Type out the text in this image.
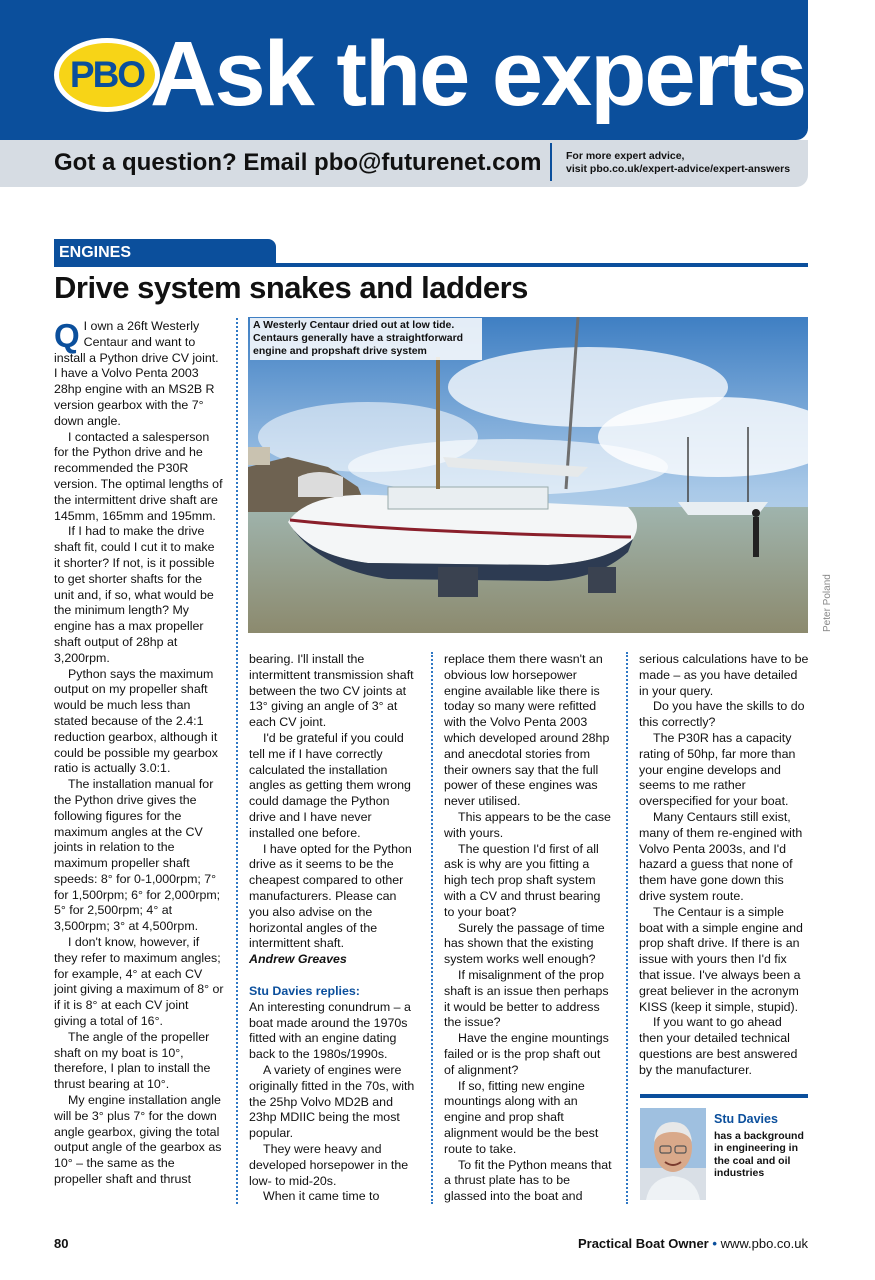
PBO Ask the experts
Got a question? Email pbo@futurenet.com For more expert advice,
visit pbo.co.uk/expert-advice/expert-answers
ENGINES
Drive system snakes and ladders

Q I own a 26ft Westerly Centaur and want to install a Python drive CV joint. I have a Volvo Penta 2003 28hp engine with an MS2B R version gearbox with the 7° down angle.

I contacted a salesperson for the Python drive and he recommended the P30R version. The optimal lengths of the intermittent drive shaft are 145mm, 165mm and 195mm.

If I had to make the drive shaft fit, could I cut it to make it shorter? If not, is it possible to get shorter shafts for the unit and, if so, what would be the minimum length? My engine has a max propeller shaft output of 28hp at 3,200rpm.

Python says the maximum output on my propeller shaft would be much less than stated because of the 2.4:1 reduction gearbox, although it could be possible my gearbox ratio is actually 3.0:1.

The installation manual for the Python drive gives the following figures for the maximum angles at the CV joints in relation to the maximum propeller shaft speeds: 8° for 0-1,000rpm; 7° for 1,500rpm; 6° for 2,000rpm; 5° for 2,500rpm; 4° at 3,500rpm; 3° at 4,500rpm.

I don't know, however, if they refer to maximum angles; for example, 4° at each CV joint giving a maximum of 8° or if it is 8° at each CV joint giving a total of 16°.

The angle of the propeller shaft on my boat is 10°, therefore, I plan to install the thrust bearing at 10°.

My engine installation angle will be 3° plus 7° for the down angle gearbox, giving the total output angle of the gearbox as 10° – the same as the propeller shaft and thrust

A Westerly Centaur dried out at low tide. Centaurs generally have a straightforward engine and propshaft drive system
Peter Poland

bearing. I'll install the intermittent transmission shaft between the two CV joints at 13° giving an angle of 3° at each CV joint.

I'd be grateful if you could tell me if I have correctly calculated the installation angles as getting them wrong could damage the Python drive and I have never installed one before.

I have opted for the Python drive as it seems to be the cheapest compared to other manufacturers. Please can you also advise on the horizontal angles of the intermittent shaft.

Andrew Greaves

Stu Davies replies:

An interesting conundrum – a boat made around the 1970s fitted with an engine dating back to the 1980s/1990s.

A variety of engines were originally fitted in the 70s, with the 25hp Volvo MD2B and 23hp MDIIC being the most popular.

They were heavy and developed horsepower in the low- to mid-20s.

When it came time to

replace them there wasn't an obvious low horsepower engine available like there is today so many were refitted with the Volvo Penta 2003 which developed around 28hp and anecdotal stories from their owners say that the full power of these engines was never utilised.

This appears to be the case with yours.

The question I'd first of all ask is why are you fitting a high tech prop shaft system with a CV and thrust bearing to your boat?

Surely the passage of time has shown that the existing system works well enough?

If misalignment of the prop shaft is an issue then perhaps it would be better to address the issue?

Have the engine mountings failed or is the prop shaft out of alignment?

If so, fitting new engine mountings along with an engine and prop shaft alignment would be the best route to take.

To fit the Python means that a thrust plate has to be glassed into the boat and

serious calculations have to be made – as you have detailed in your query.

Do you have the skills to do this correctly?

The P30R has a capacity rating of 50hp, far more than your engine develops and seems to me rather overspecified for your boat.

Many Centaurs still exist, many of them re-engined with Volvo Penta 2003s, and I'd hazard a guess that none of them have gone down this drive system route.

The Centaur is a simple boat with a simple engine and prop shaft drive. If there is an issue with yours then I'd fix that issue. I've always been a great believer in the acronym KISS (keep it simple, stupid).

If you want to go ahead then your detailed technical questions are best answered by the manufacturer.

Stu Davies
has a background in engineering in the coal and oil industries
80	Practical Boat Owner • www.pbo.co.uk
